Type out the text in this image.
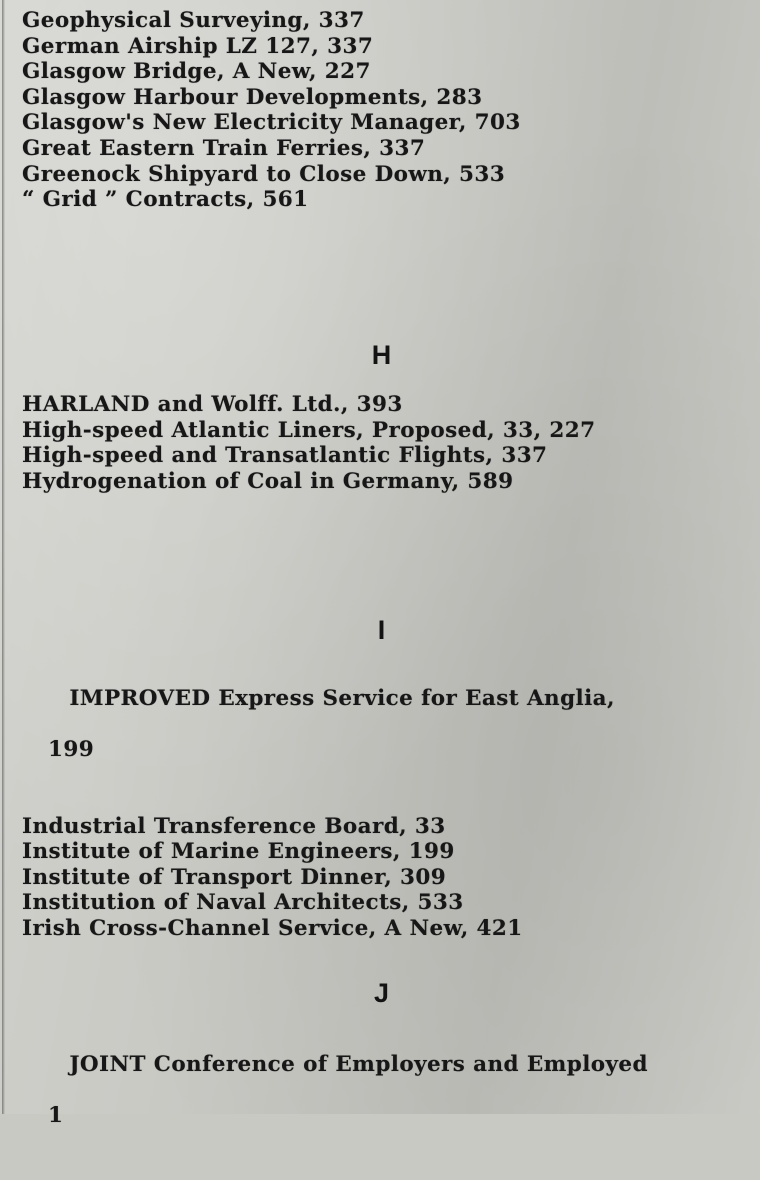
Geophysical Surveying, 337
German Airship LZ 127, 337
Glasgow Bridge, A New, 227
Glasgow Harbour Developments, 283
Glasgow's New Electricity Manager, 703
Great Eastern Train Ferries, 337
Greenock Shipyard to Close Down, 533
“ Grid ” Contracts, 561
H
HARLAND and Wolff. Ltd., 393
High-speed Atlantic Liners, Proposed, 33, 227
High-speed and Transatlantic Flights, 337
Hydrogenation of Coal in Germany, 589
I

IMPROVED Express Service for East Anglia,

199

Industrial Transference Board, 33
Institute of Marine Engineers, 199
Institute of Transport Dinner, 309
Institution of Naval Architects, 533
Irish Cross-Channel Service, A New, 421
J

JOINT Conference of Employers and Employed

1
